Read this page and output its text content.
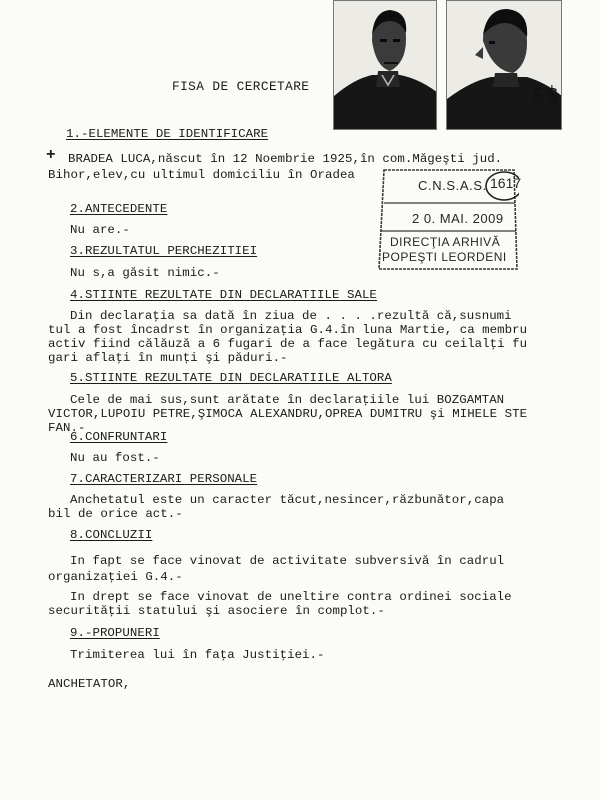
$$
FISA DE CERCETARE
1.-ELEMENTE DE IDENTIFICARE
+ BRADEA LUCA,născut în 12 Noembrie 1925,în com.Măgeşti jud.
Bihor,elev,cu ultimul domiciliu în Oradea
C.N.S.A.S. 1617
2 0. MAI. 2009
DIRECŢIA ARHIVĂ
POPEŞTI LEORDENI
2.ANTECEDENTE
Nu are.-
3.REZULTATUL PERCHEZITIEI
Nu s,a găsit nimic.-
4.STIINTE REZULTATE DIN DECLARATIILE SALE
Din declaraţia sa dată în ziua de . . . .rezultă că,susnumi
tul a fost încadrst în organizaţia G.4.în luna Martie, ca membru
activ fiind călăuză a 6 fugari de a face legătura cu ceilalţi fu
gari aflaţi în munţi şi păduri.-
5.STIINTE REZULTATE DIN DECLARATIILE ALTORA
Cele de mai sus,sunt arătate în declaraţiile lui BOZGAMTAN
VICTOR,LUPOIU PETRE,ŞIMOCA ALEXANDRU,OPREA DUMITRU şi MIHELE STE
FAN.-
6.CONFRUNTARI
Nu au fost.-
7.CARACTERIZARI PERSONALE
Anchetatul este un caracter tăcut,nesincer,răzbunător,capa
bil de orice act.-
8.CONCLUZII
In fapt se face vinovat de activitate subversivă în cadrul
organizaţiei G.4.-
In drept se face vinovat de uneltire contra ordinei sociale
securităţii statului şi asociere în complot.-
9.-PROPUNERI
Trimiterea lui în faţa Justiţiei.-
ANCHETATOR,
